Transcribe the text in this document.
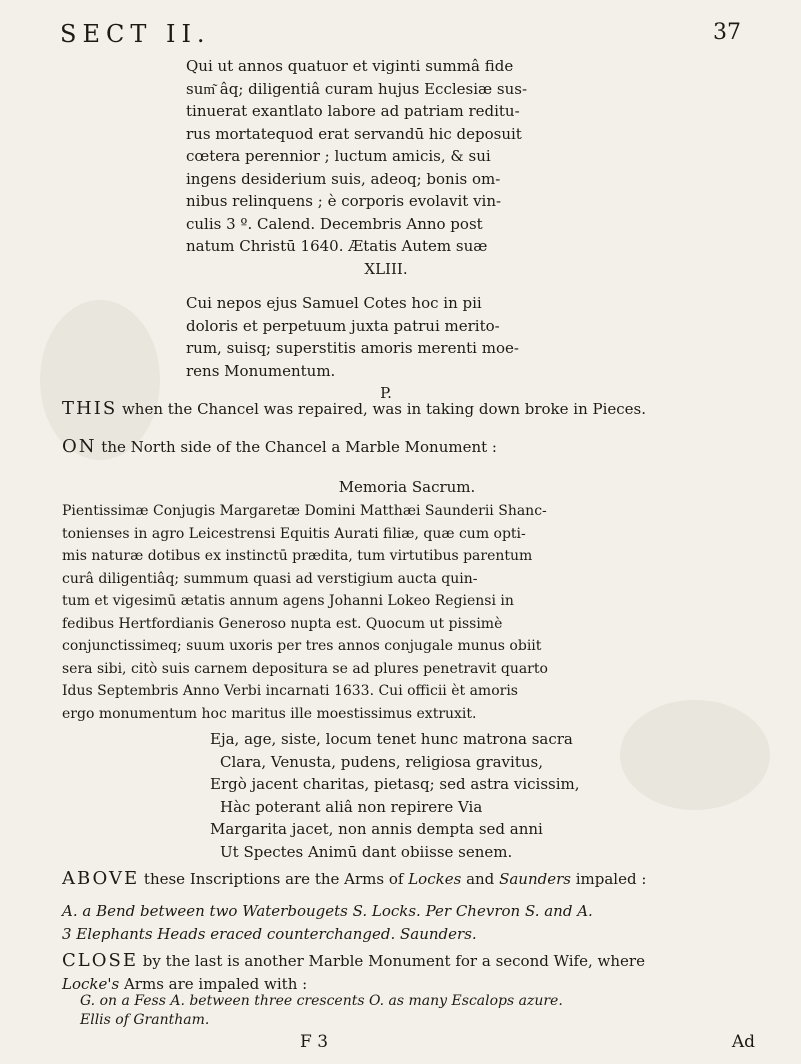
SECT II.	37
Qui ut annos quatuor et viginti summâ fide
sum͂ âq; diligentiâ curam hujus Ecclesiæ sus-
tinuerat exantlato labore ad patriam reditu-
rus mortatequod erat servandū hic deposuit
cœtera perennior ; luctum amicis, & sui
ingens desiderium suis, adeoq; bonis om-
nibus relinquens ; è corporis evolavit vin-
culis 3 º. Calend. Decembris Anno post
natum Christū 1640. Ætatis Autem suæ
XLIII.
Cui nepos ejus Samuel Cotes hoc in pii
doloris et perpetuum juxta patrui merito-
rum, suisq; superstitis amoris merenti moe-
rens Monumentum.
P.
THIS when the Chancel was repaired, was in taking down broke in Pieces.
ON the North side of the Chancel a Marble Monument :
Memoria Sacrum.
Pientissimæ Conjugis Margaretæ Domini Matthæi Saunderii Shanc-
tonienses in agro Leicestrensi Equitis Aurati filiæ, quæ cum opti-
mis naturæ dotibus ex instinctū prædita, tum virtutibus parentum
curâ diligentiâq; summum quasi ad verstigium aucta quin-
tum et vigesimū ætatis annum agens Johanni Lokeo Regiensi in
fedibus Hertfordianis Generoso nupta est. Quocum ut pissimè
conjunctissimeq; suum uxoris per tres annos conjugale munus obiit
sera sibi, citò suis carnem depositura se ad plures penetravit quarto
Idus Septembris Anno Verbi incarnati 1633. Cui officii èt amoris
ergo monumentum hoc maritus ille moestissimus extruxit.
Eja, age, siste, locum tenet hunc matrona sacra
Clara, Venusta, pudens, religiosa gravitus,
Ergò jacent charitas, pietasq; sed astra vicissim,
Hàc poterant aliâ non repirere Via
Margarita jacet, non annis dempta sed anni
Ut Spectes Animū dant obiisse senem.
ABOVE these Inscriptions are the Arms of Lockes and Saunders impaled :
A. a Bend between two Waterbougets S. Locks. Per Chevron S. and A.
3 Elephants Heads eraced counterchanged. Saunders.
CLOSE by the last is another Marble Monument for a second Wife, where
Locke's Arms are impaled with :
G. on a Fess A. between three crescents O. as many Escalops azure.
Ellis of Grantham.
F 3	Ad
